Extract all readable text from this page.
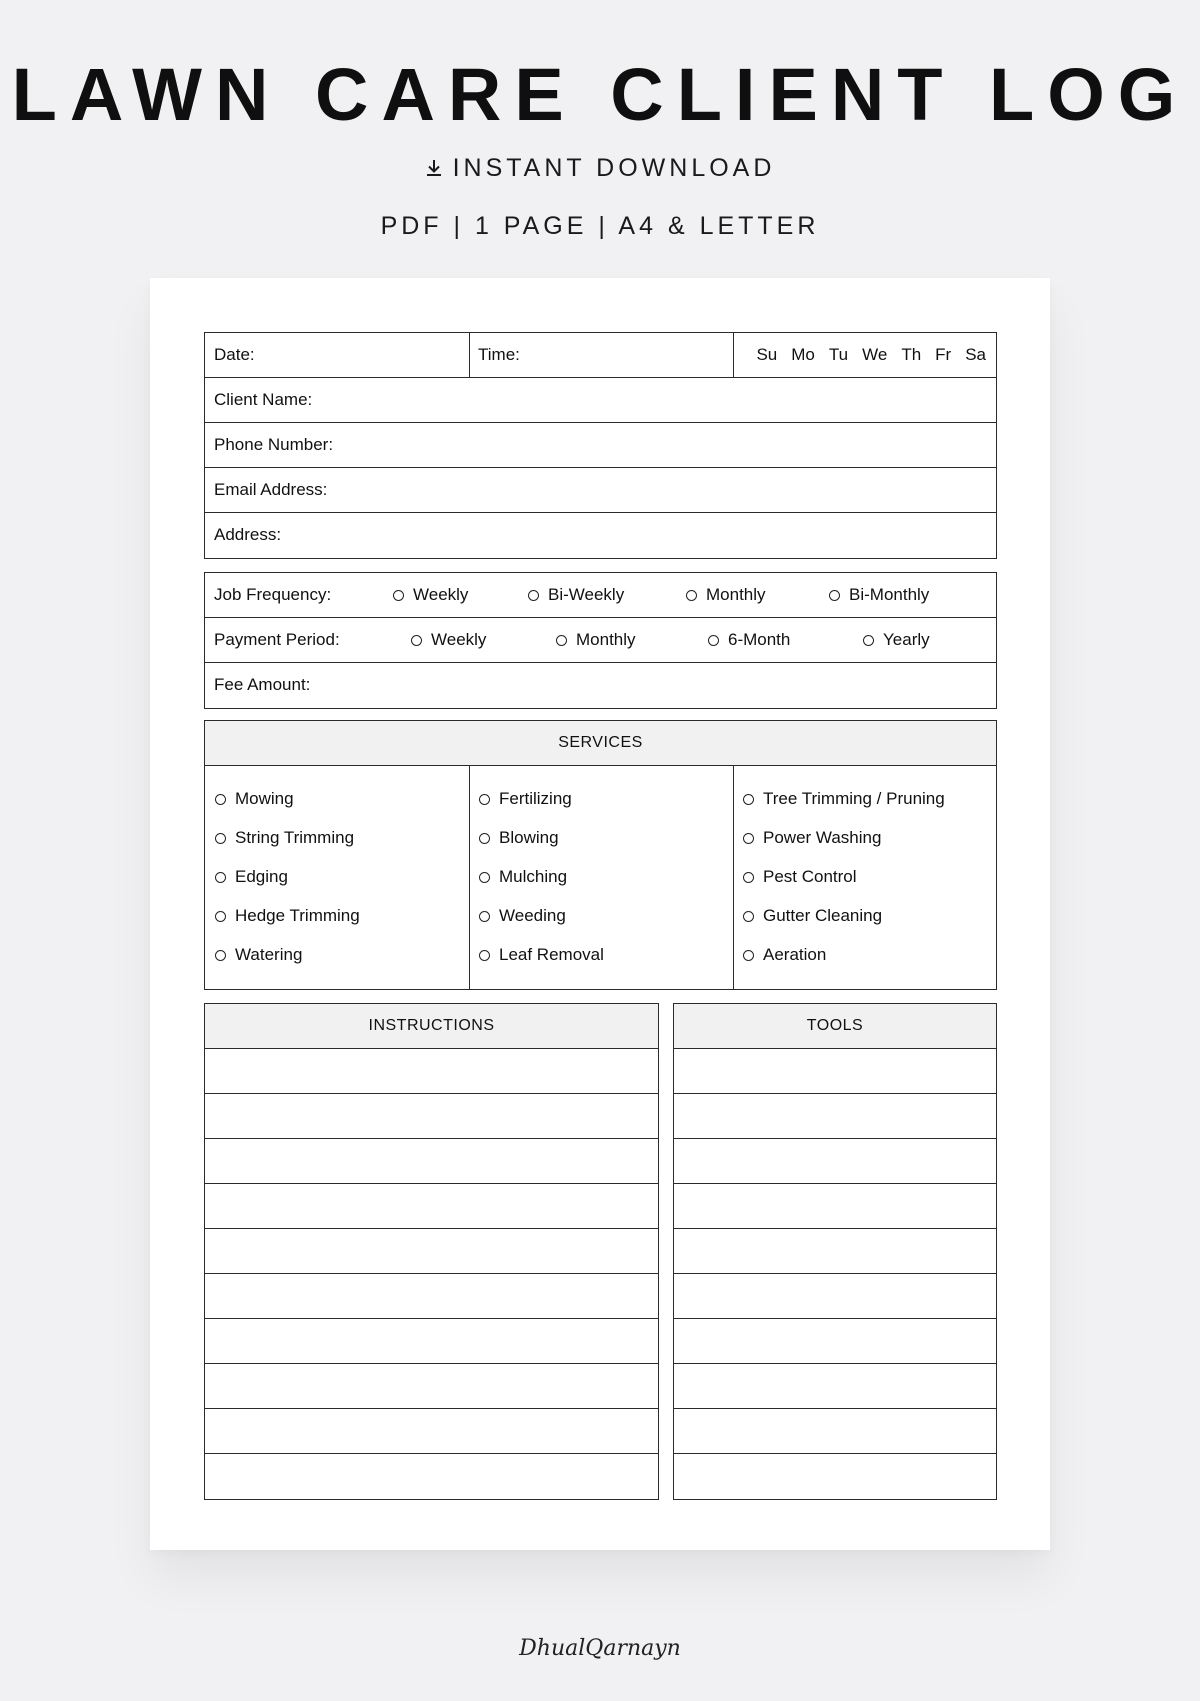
LAWN CARE CLIENT LOG
INSTANT DOWNLOAD
PDF | 1 PAGE | A4 & LETTER
Date:	Time:	Su Mo Tu We Th Fr Sa
Client Name:
Phone Number:
Email Address:
Address:
Job Frequency:	Weekly	Bi-Weekly	Monthly	Bi-Monthly
Payment Period:	Weekly	Monthly	6-Month	Yearly
Fee Amount:
SERVICES
Mowing
String Trimming
Edging
Hedge Trimming
Watering
Fertilizing
Blowing
Mulching
Weeding
Leaf Removal
Tree Trimming / Pruning
Power Washing
Pest Control
Gutter Cleaning
Aeration
INSTRUCTIONS	TOOLS
DhualQarnayn
